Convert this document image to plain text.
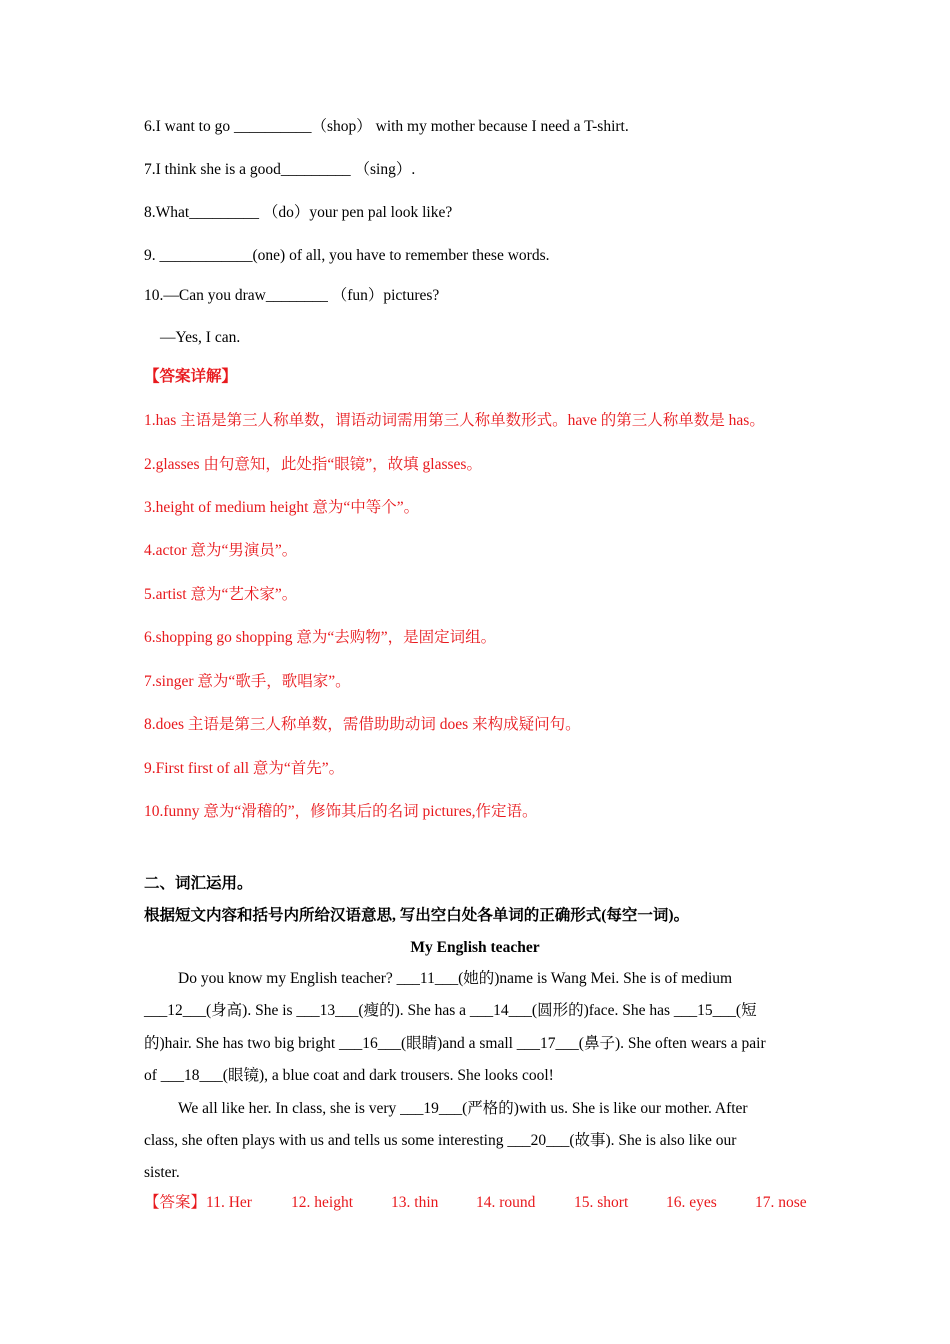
6.I want to go __________（shop） with my mother because I need a T-shirt.
7.I think she is a good_________ （sing）.
8.What_________ （do）your pen pal look like?
9. ____________(one) of all, you have to remember these words.
10.—Can you draw________ （fun）pictures?
—Yes, I can.
【答案详解】
1.has 主语是第三人称单数，谓语动词需用第三人称单数形式。have 的第三人称单数是 has。
2.glasses 由句意知，此处指“眼镜”，故填 glasses。
3.height of medium height 意为“中等个”。
4.actor 意为“男演员”。
5.artist 意为“艺术家”。
6.shopping go shopping 意为“去购物”，是固定词组。
7.singer 意为“歌手，歌唱家”。
8.does 主语是第三人称单数，需借助助动词 does 来构成疑问句。
9.First first of all 意为“首先”。
10.funny 意为“滑稽的”，修饰其后的名词 pictures,作定语。
二、词汇运用。
根据短文内容和括号内所给汉语意思, 写出空白处各单词的正确形式(每空一词)。
My English teacher
Do you know my English teacher? ___11___(她的)name is Wang Mei. She is of medium
___12___(身高). She is ___13___(瘦的). She has a ___14___(圆形的)face. She has ___15___(短
的)hair. She has two big bright ___16___(眼睛)and a small ___17___(鼻子). She often wears a pair
of ___18___(眼镜), a blue coat and dark trousers. She looks cool!
We all like her. In class, she is very ___19___(严格的)with us. She is like our mother. After
class, she often plays with us and tells us some interesting ___20___(故事). She is also like our
sister.
【答案】11. Her	12. height 13. thin 14. round 15. short 16. eyes 17. nose
